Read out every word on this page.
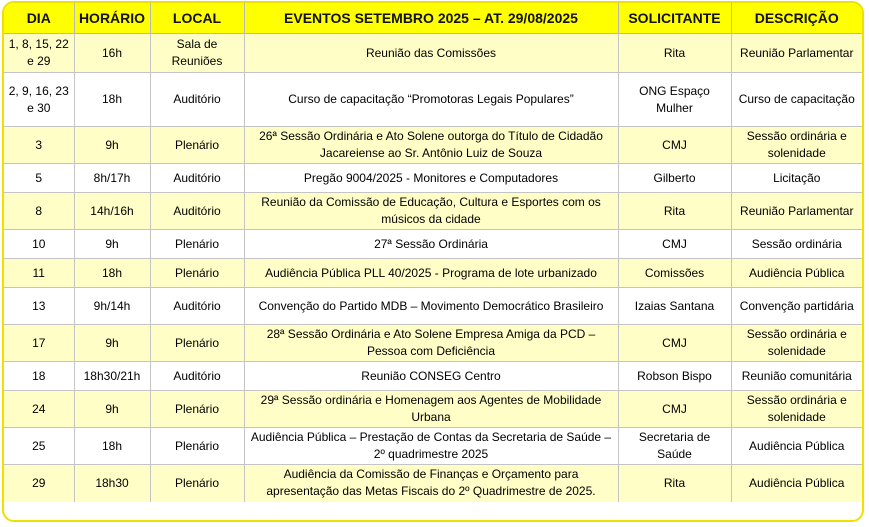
DIA	HORÁRIO	LOCAL	EVENTOS SETEMBRO 2025 – AT. 29/08/2025	SOLICITANTE	DESCRIÇÃO
1, 8, 15, 22 e 29	16h	Sala de Reuniões	Reunião das Comissões	Rita	Reunião Parlamentar
2, 9, 16, 23 e 30	18h	Auditório	Curso de capacitação “Promotoras Legais Populares”	ONG Espaço Mulher	Curso de capacitação
3	9h	Plenário	26ª Sessão Ordinária e Ato Solene outorga do Título de Cidadão Jacareiense ao Sr. Antônio Luiz de Souza	CMJ	Sessão ordinária e solenidade
5	8h/17h	Auditório	Pregão 9004/2025 - Monitores e Computadores	Gilberto	Licitação
8	14h/16h	Auditório	Reunião da Comissão de Educação, Cultura e Esportes com os músicos da cidade	Rita	Reunião Parlamentar
10	9h	Plenário	27ª Sessão Ordinária	CMJ	Sessão ordinária
11	18h	Plenário	Audiência Pública PLL 40/2025 - Programa de lote urbanizado	Comissões	Audiência Pública
13	9h/14h	Auditório	Convenção do Partido MDB – Movimento Democrático Brasileiro	Izaias Santana	Convenção partidária
17	9h	Plenário	28ª Sessão Ordinária e Ato Solene Empresa Amiga da PCD – Pessoa com Deficiência	CMJ	Sessão ordinária e solenidade
18	18h30/21h	Auditório	Reunião CONSEG Centro	Robson Bispo	Reunião comunitária
24	9h	Plenário	29ª Sessão ordinária e Homenagem aos Agentes de Mobilidade Urbana	CMJ	Sessão ordinária e solenidade
25	18h	Plenário	Audiência Pública – Prestação de Contas da Secretaria de Saúde – 2º quadrimestre 2025	Secretaria de Saúde	Audiência Pública
29	18h30	Plenário	Audiência da Comissão de Finanças e Orçamento para apresentação das Metas Fiscais do 2º Quadrimestre de 2025.	Rita	Audiência Pública
